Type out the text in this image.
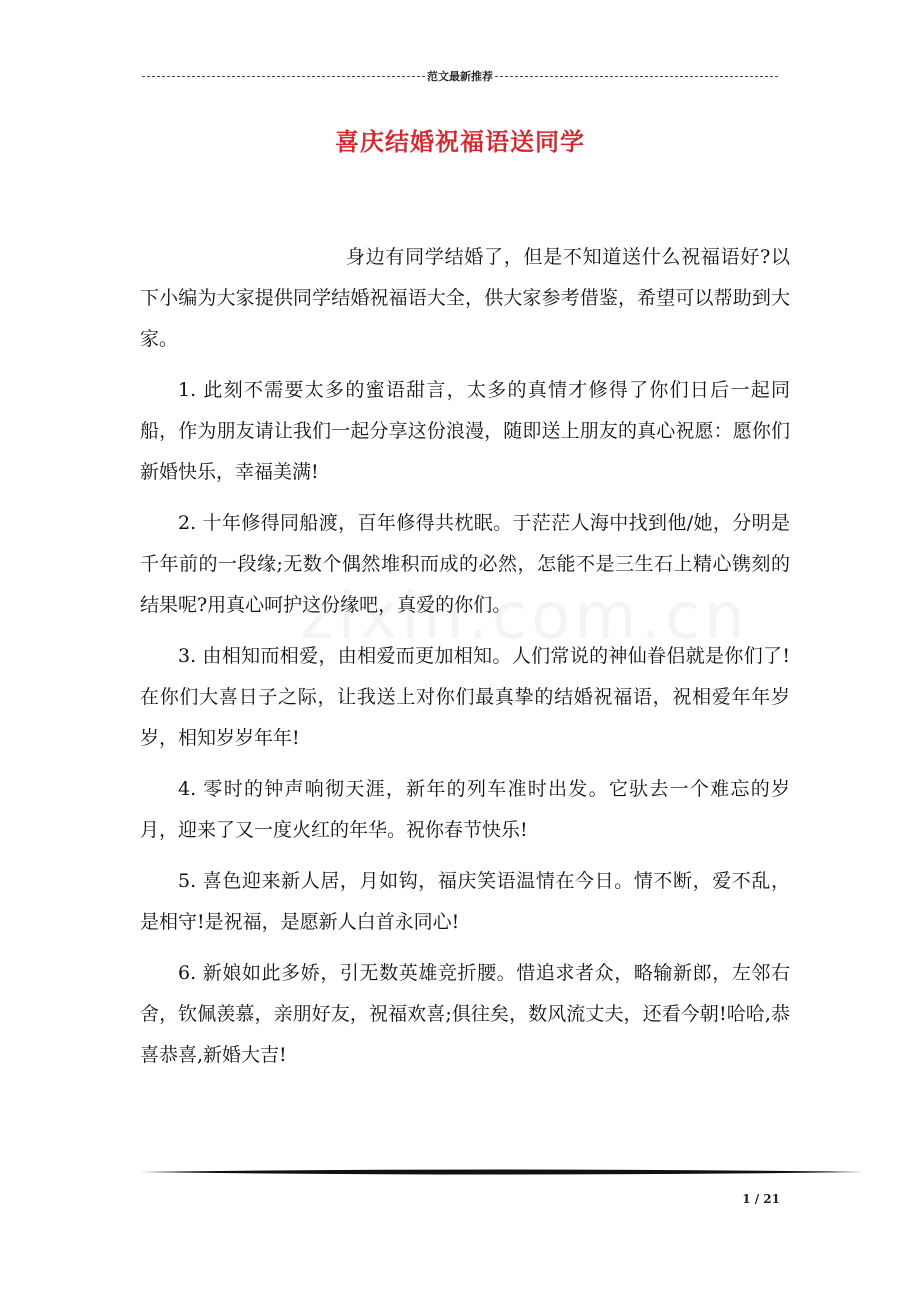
范文最新推荐
喜庆结婚祝福语送同学

身边有同学结婚了，但是不知道送什么祝福语好?以下小编为大家提供同学结婚祝福语大全，供大家参考借鉴，希望可以帮助到大家。

1. 此刻不需要太多的蜜语甜言，太多的真情才修得了你们日后一起同船，作为朋友请让我们一起分享这份浪漫，随即送上朋友的真心祝愿：愿你们新婚快乐，幸福美满!

2. 十年修得同船渡，百年修得共枕眠。于茫茫人海中找到他/她，分明是千年前的一段缘;无数个偶然堆积而成的必然，怎能不是三生石上精心镌刻的结果呢?用真心呵护这份缘吧，真爱的你们。

3. 由相知而相爱，由相爱而更加相知。人们常说的神仙眷侣就是你们了!在你们大喜日子之际，让我送上对你们最真挚的结婚祝福语，祝相爱年年岁岁，相知岁岁年年!

4. 零时的钟声响彻天涯，新年的列车准时出发。它驮去一个难忘的岁月，迎来了又一度火红的年华。祝你春节快乐!

5. 喜色迎来新人居，月如钩，福庆笑语温情在今日。情不断，爱不乱，是相守!是祝福，是愿新人白首永同心!

6. 新娘如此多娇，引无数英雄竞折腰。惜追求者众，略输新郎，左邻右舍，钦佩羡慕，亲朋好友，祝福欢喜;俱往矣，数风流丈夫，还看今朝!哈哈,恭喜恭喜,新婚大吉!

1 / 21
